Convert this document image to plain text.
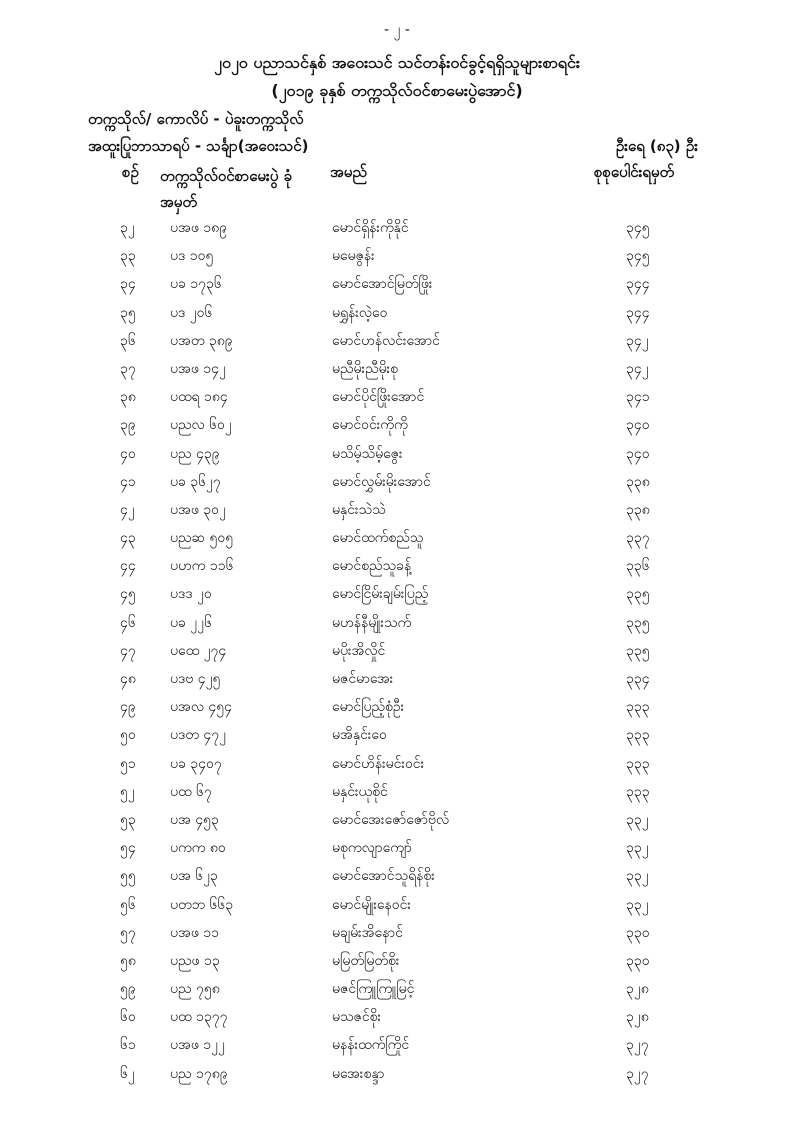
- ၂ -
၂၀၂၀ ပညာသင်နှစ် အဝေးသင် သင်တန်းဝင်ခွင့်ရရှိသူများစာရင်း
(၂၀၁၉ ခုနှစ် တက္ကသိုလ်ဝင်စာမေးပွဲအောင်)
တက္ကသိုလ်/ ကောလိပ် - ပဲခူးတက္ကသိုလ်
အထူးပြုဘာသာရပ် - သင်္ချာ(အဝေးသင်)	ဦးရေ (၈၃) ဦး
စဉ် တက္ကသိုလ်ဝင်စာမေးပွဲ ခုံအမှတ်
အမည်	စုစုပေါင်းရမှတ်
၃၂	ပအဖ ၁၈၉	မောင်ရှိန်းကိုနိုင်	၃၄၅
၃၃	ပဒ ၁၀၅	မမေဇွန်း	၃၄၅
၃၄	ပခ ၁၇၃၆	မောင်အောင်မြတ်ဖြိုး	၃၄၄
၃၅	ပဒ ၂၀၆	မရွှန်းလဲ့ဝေ	၃၄၄
၃၆	ပအတ ၃၈၉	မောင်ဟန်လင်းအောင်	၃၄၂
၃၇	ပအဖ ၁၄၂	မညီမိုးညီမိုးစု	၃၄၂
၃၈	ပထရ ၁၈၄	မောင်ပိုင်ဖြိုးအောင်	၃၄၁
၃၉	ပညလ ၆၀၂	မောင်ဝင်းကိုကို	၃၄၀
၄၀	ပည ၄၃၉	မသိမ့်သိမ့်ဇွေး	၃၄၀
၄၁	ပခ ၃၆၂၇	မောင်လွှမ်းမိုးအောင်	၃၃၈
၄၂	ပအဖ ၃၀၂	မနှင်းသဲသဲ	၃၃၈
၄၃	ပညဆ ၅၀၅	မောင်ထက်စည်သူ	၃၃၇
၄၄	ပဟက ၁၁၆	မောင်စည်သူခန့်	၃၃၆
၄၅	ပဒဒ ၂၀	မောင်ငြိမ်းချမ်းပြည့်	၃၃၅
၄၆	ပခ ၂၂၆	မဟန်နီမျိုးသက်	၃၃၅
၄၇	ပထေ ၂၇၄	မပိုးအိလှိုင်	၃၃၅
၄၈	ပဒဗ ၄၂၅	မဇင်မာအေး	၃၃၄
၄၉	ပအလ ၄၅၄	မောင်ပြည့်စုံဦး	၃၃၃
၅၀	ပဒတ ၄၇၂	မအိနှင်းဝေ	၃၃၃
၅၁	ပခ ၃၄၀၇	မောင်ဟိန်းမင်းဝင်း	၃၃၃
၅၂	ပထ ၆၇	မနှင်းယုစိုင်	၃၃၃
၅၃	ပအ ၄၅၃	မောင်အေးဇော်ဇော်ဗိုလ်	၃၃၂
၅၄	ပကက ၈၀	မစုကလျာကျော်	၃၃၂
၅၅	ပအ ၆၂၃	မောင်အောင်သူရိန်စိုး	၃၃၂
၅၆	ပတဘ ၆၆၃	မောင်မျိုးနေဝင်း	၃၃၂
၅၇	ပအဖ ၁၁	မချမ်းအိနောင်	၃၃၀
၅၈	ပညဖ ၁၃	မမြတ်မြတ်စိုး	၃၃၀
၅၉	ပည ၇၅၈	မဇင်ကြူကြူမြင့်	၃၂၈
၆၀	ပထ ၁၃၇၇	မသဇင်စိုး	၃၂၈
၆၁	ပအဖ ၁၂၂	မနန်းထက်ကြိုင်	၃၂၇
၆၂	ပည ၁၇၈၉	မအေးစန္ဒာ	၃၂၇
